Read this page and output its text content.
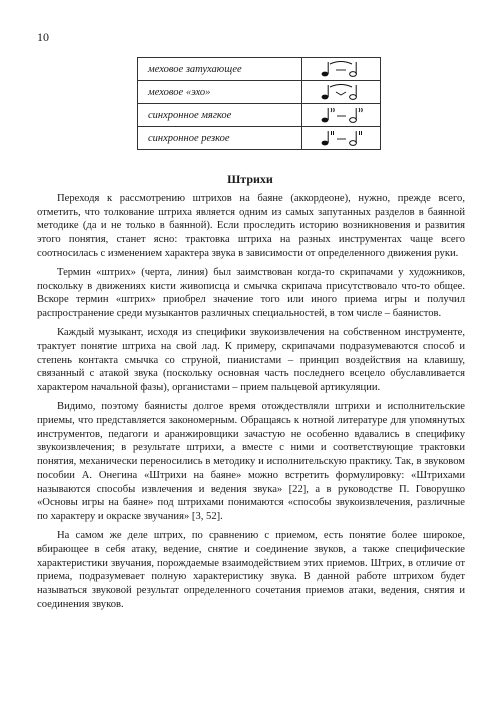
10
меховое затухающее	

меховое «эхо»	

синхронное мягкое	

синхронное резкое	
Штрихи

Переходя к рассмотрению штрихов на баяне (аккордеоне), нужно, прежде всего, отметить, что толкование штриха является одним из самых запутанных разделов в баянной методике (да и не только в баянной). Если проследить историю возникновения и развития этого понятия, станет ясно: трактовка штриха на разных инструментах чаще всего соотносилась с изменением характера звука в зависимости от определенного движения руки.

Термин «штрих» (черта, линия) был заимствован когда-то скрипачами у художников, поскольку в движениях кисти живописца и смычка скрипача присутствовало что-то общее. Вскоре термин «штрих» приобрел значение того или иного приема игры и получил распространение среди музыкантов различных специальностей, в том числе – баянистов.

Каждый музыкант, исходя из специфики звукоизвлечения на собственном инструменте, трактует понятие штриха на свой лад. К примеру, скрипачами подразумеваются способ и степень контакта смычка со струной, пианистами – принцип воздействия на клавишу, связанный с атакой звука (поскольку основная часть последнего всецело обуславливается характером начальной фазы), органистами – прием пальцевой артикуляции.

Видимо, поэтому баянисты долгое время отождествляли штрихи и исполнительские приемы, что представляется закономерным. Обращаясь к нотной литературе для упомянутых инструментов, педагоги и аранжировщики зачастую не особенно вдавались в специфику звукоизвлечения; в результате штрихи, а вместе с ними и соответствующие трактовки понятия, механически переносились в методику и исполнительскую практику. Так, в звуковом пособии А. Онегина «Штрихи на баяне» можно встретить формулировку: «Штрихами называются способы извлечения и ведения звука» [22], а в руководстве П. Говорушко «Основы игры на баяне» под штрихами понимаются «способы звукоизвлечения, различные по характеру и окраске звучания» [3, 52].

На самом же деле штрих, по сравнению с приемом, есть понятие более широкое, вбирающее в себя атаку, ведение, снятие и соединение звуков, а также специфические характеристики звучания, порождаемые взаимодействием этих приемов. Штрих, в отличие от приема, подразумевает полную характеристику звука. В данной работе штрихом будет называться звуковой результат определенного сочетания приемов атаки, ведения, снятия и соединения звуков.
